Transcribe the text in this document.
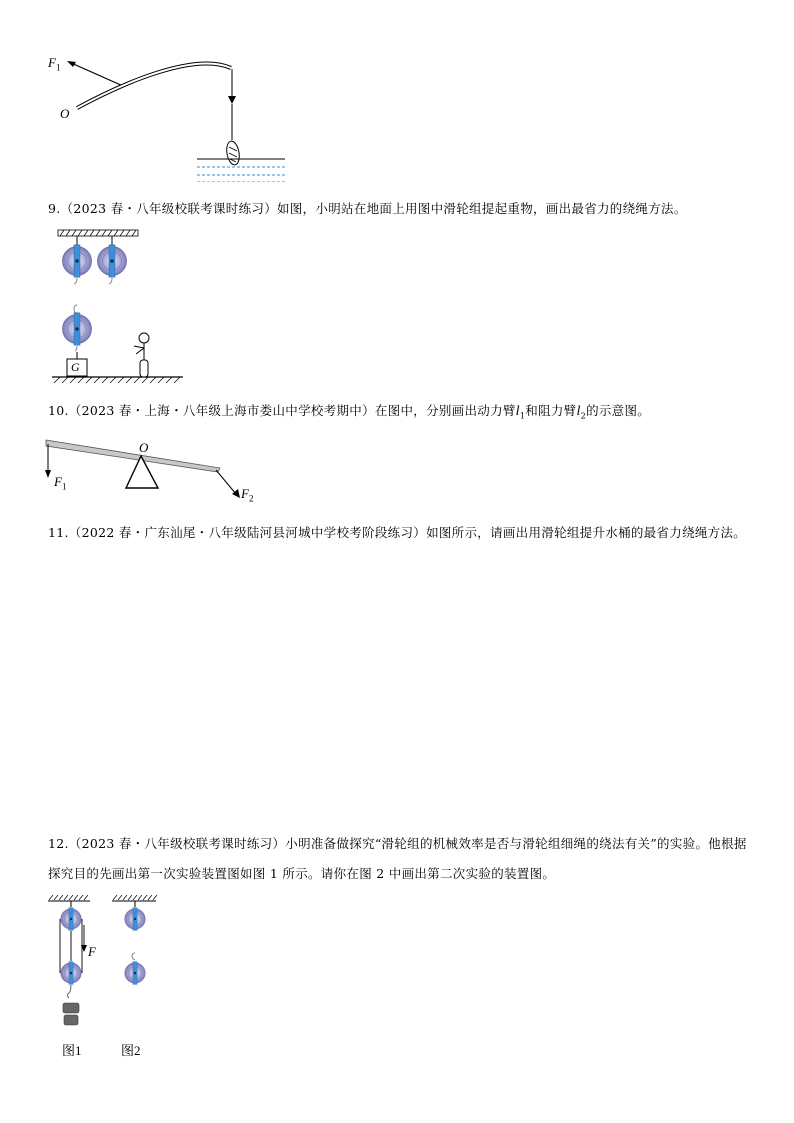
$F_1$
O
9.（2023 春・八年级校联考课时练习）如图，小明站在地面上用图中滑轮组提起重物，画出最省力的绕绳方法。
G
10.（2023 春・上海・八年级上海市娄山中学校考期中）在图中，分别画出动力臂$l_1$和阻力臂$l_2$的示意图。
O
$F_1$	$F_2$
11.（2022 春・广东汕尾・八年级陆河县河城中学校考阶段练习）如图所示，请画出用滑轮组提升水桶的最省力绕绳方法。
12.（2023 春・八年级校联考课时练习）小明准备做探究“滑轮组的机械效率是否与滑轮组细绳的绕法有关”的实验。他根据探究目的先画出第一次实验装置图如图 1 所示。请你在图 2 中画出第二次实验的装置图。
F
图1	图2
